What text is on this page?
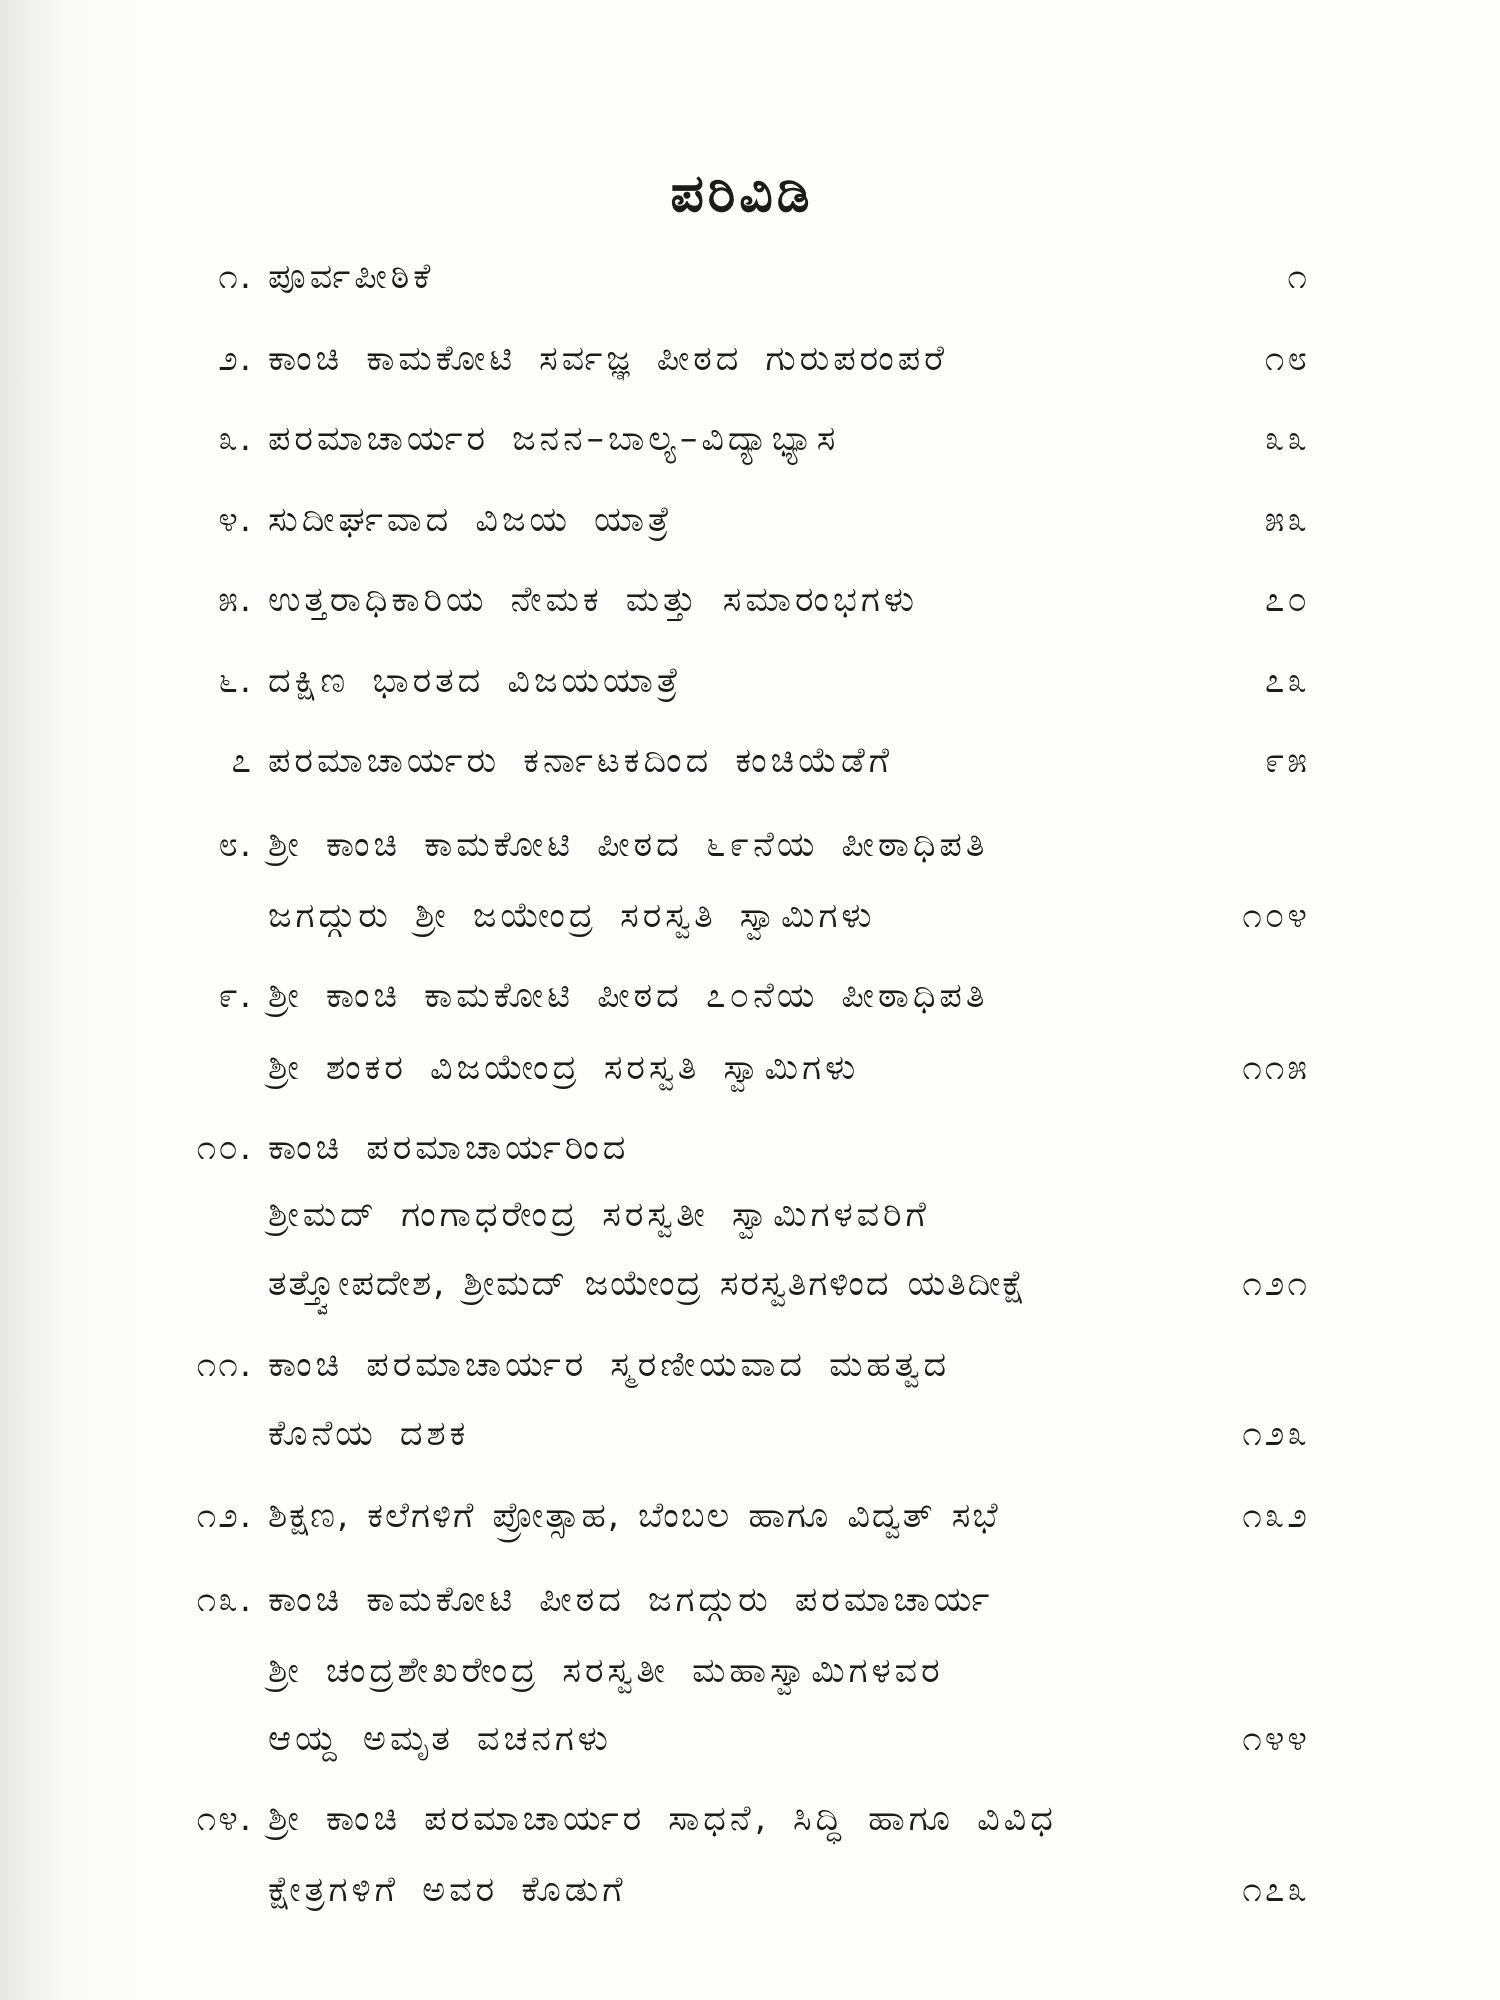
ಪರಿವಿಡಿ
೧. ಪೂರ್ವಪೀಠಿಕೆ	೧
೨. ಕಾಂಚಿ ಕಾಮಕೋಟಿ ಸರ್ವಜ್ಞ ಪೀಠದ ಗುರುಪರಂಪರೆ	೧೮
೩. ಪರಮಾಚಾರ್ಯರ ಜನನ–ಬಾಲ್ಯ–ವಿದ್ಯಾಭ್ಯಾಸ	೩೩
೪. ಸುದೀರ್ಘವಾದ ವಿಜಯ ಯಾತ್ರೆ	೫೩
೫. ಉತ್ತರಾಧಿಕಾರಿಯ ನೇಮಕ ಮತ್ತು ಸಮಾರಂಭಗಳು	೭೦
೬. ದಕ್ಷಿಣ ಭಾರತದ ವಿಜಯಯಾತ್ರೆ	೭೩
೭ ಪರಮಾಚಾರ್ಯರು ಕರ್ನಾಟಕದಿಂದ ಕಂಚಿಯೆಡೆಗೆ	೯೫
೮. ಶ್ರೀ ಕಾಂಚಿ ಕಾಮಕೋಟಿ ಪೀಠದ ೬೯ನೆಯ ಪೀಠಾಧಿಪತಿ
ಜಗದ್ಗುರು ಶ್ರೀ ಜಯೇಂದ್ರ ಸರಸ್ವತಿ ಸ್ವಾಮಿಗಳು	೧೦೪
೯. ಶ್ರೀ ಕಾಂಚಿ ಕಾಮಕೋಟಿ ಪೀಠದ ೭೦ನೆಯ ಪೀಠಾಧಿಪತಿ
ಶ್ರೀ ಶಂಕರ ವಿಜಯೇಂದ್ರ ಸರಸ್ವತಿ ಸ್ವಾಮಿಗಳು	೧೧೫
೧೦. ಕಾಂಚಿ ಪರಮಾಚಾರ್ಯರಿಂದ
ಶ್ರೀಮದ್ ಗಂಗಾಧರೇಂದ್ರ ಸರಸ್ವತೀ ಸ್ವಾಮಿಗಳವರಿಗೆ
ತತ್ತ್ವೋಪದೇಶ, ಶ್ರೀಮದ್ ಜಯೇಂದ್ರ ಸರಸ್ವತಿಗಳಿಂದ ಯತಿದೀಕ್ಷೆ	೧೨೧
೧೧. ಕಾಂಚಿ ಪರಮಾಚಾರ್ಯರ ಸ್ಮರಣೀಯವಾದ ಮಹತ್ವದ
ಕೊನೆಯ ದಶಕ	೧೨೩
೧೨. ಶಿಕ್ಷಣ, ಕಲೆಗಳಿಗೆ ಪ್ರೋತ್ಸಾಹ, ಬೆಂಬಲ ಹಾಗೂ ವಿದ್ವತ್ ಸಭೆ	೧೩೨
೧೩. ಕಾಂಚಿ ಕಾಮಕೋಟಿ ಪೀಠದ ಜಗದ್ಗುರು ಪರಮಾಚಾರ್ಯ
ಶ್ರೀ ಚಂದ್ರಶೇಖರೇಂದ್ರ ಸರಸ್ವತೀ ಮಹಾಸ್ವಾಮಿಗಳವರ
ಆಯ್ದ ಅಮೃತ ವಚನಗಳು	೧೪೪
೧೪. ಶ್ರೀ ಕಾಂಚಿ ಪರಮಾಚಾರ್ಯರ ಸಾಧನೆ, ಸಿದ್ಧಿ ಹಾಗೂ ವಿವಿಧ
ಕ್ಷೇತ್ರಗಳಿಗೆ ಅವರ ಕೊಡುಗೆ	೧೭೩
